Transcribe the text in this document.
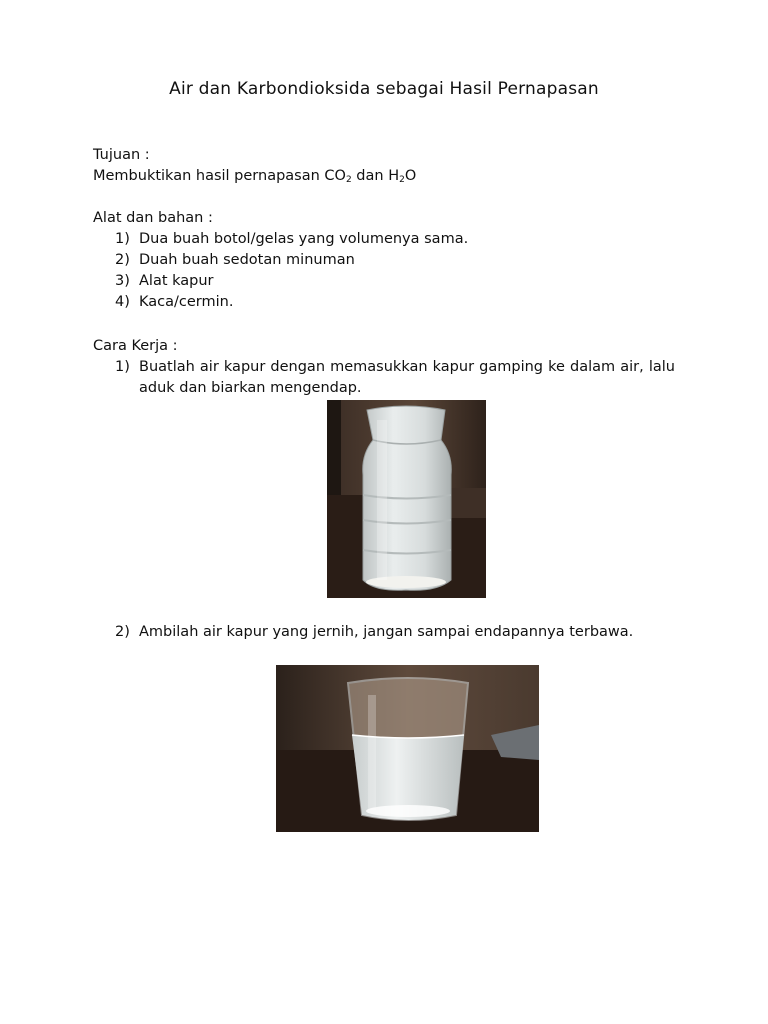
Air dan Karbondioksida sebagai Hasil Pernapasan
Tujuan :
Membuktikan hasil pernapasan $CO_2$ dan $H_2O$
Alat dan bahan :
1) Dua buah botol/gelas yang volumenya sama.
2) Duah buah sedotan minuman
3) Alat kapur
4) Kaca/cermin.
Cara Kerja :
1) Buatlah air kapur dengan memasukkan kapur gamping ke dalam air, lalu aduk dan biarkan mengendap.
2) Ambilah air kapur yang jernih, jangan sampai endapannya terbawa.
